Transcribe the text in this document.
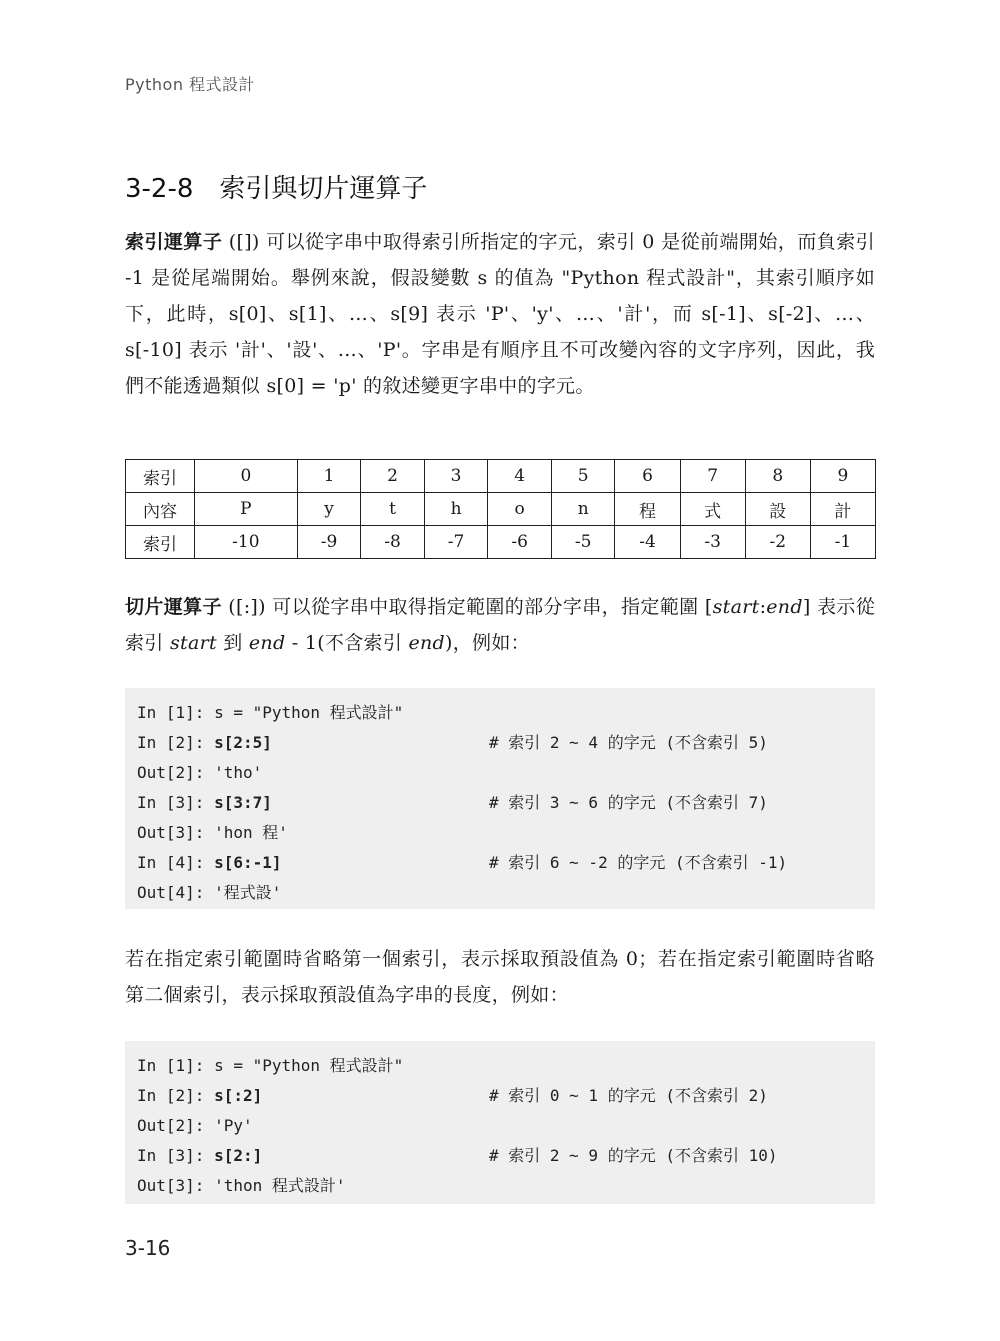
Python 程式設計
3-2-8 索引與切片運算子
索引運算子 ([]) 可以從字串中取得索引所指定的字元，索引 0 是從前端開始，而負索引 -1 是從尾端開始。舉例來說，假設變數 s 的值為 "Python 程式設計"，其索引順序如下，此時，s[0]、s[1]、…、s[9] 表示 'P'、'y'、…、'計'，而 s[-1]、s[-2]、…、s[-10] 表示 '計'、'設'、…、'P'。字串是有順序且不可改變內容的文字序列，因此，我們不能透過類似 s[0] = 'p' 的敘述變更字串中的字元。
索引	0	1	2	3	4	5	6	7	8	9
內容	P	y	t	h	o	n	程	式	設	計
索引	-10	-9	-8	-7	-6	-5	-4	-3	-2	-1
切片運算子 ([:]) 可以從字串中取得指定範圍的部分字串，指定範圍 [start:end] 表示從索引 start 到 end - 1(不含索引 end)，例如：
In [1]: s = "Python 程式設計"
In [2]: s[2:5]	# 索引 2 ~ 4 的字元 (不含索引 5)
Out[2]: 'tho'
In [3]: s[3:7]	# 索引 3 ~ 6 的字元 (不含索引 7)
Out[3]: 'hon 程'
In [4]: s[6:-1]	# 索引 6 ~ -2 的字元 (不含索引 -1)
Out[4]: '程式設'
若在指定索引範圍時省略第一個索引，表示採取預設值為 0；若在指定索引範圍時省略第二個索引，表示採取預設值為字串的長度，例如：
In [1]: s = "Python 程式設計"
In [2]: s[:2]	# 索引 0 ~ 1 的字元 (不含索引 2)
Out[2]: 'Py'
In [3]: s[2:]	# 索引 2 ~ 9 的字元 (不含索引 10)
Out[3]: 'thon 程式設計'
3-16
